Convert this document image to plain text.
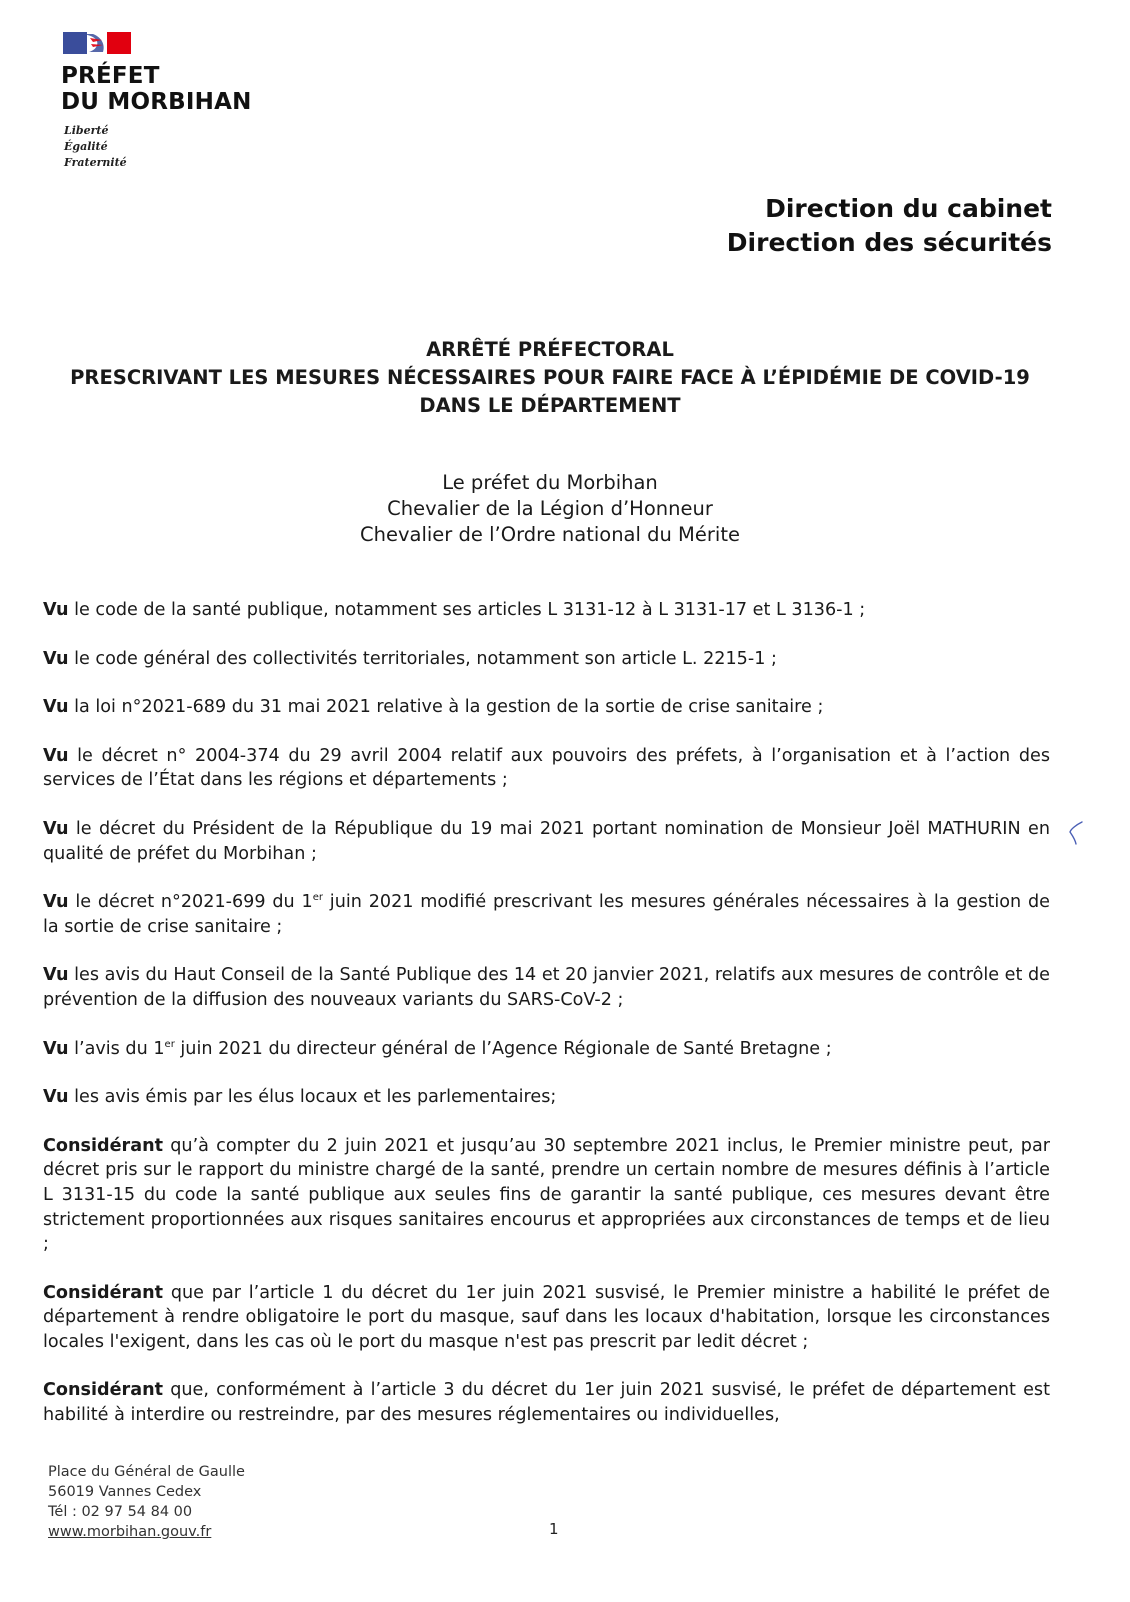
PRÉFET
DU MORBIHAN
Liberté
Égalité
Fraternité
Direction du cabinet
Direction des sécurités
ARRÊTÉ PRÉFECTORAL
PRESCRIVANT LES MESURES NÉCESSAIRES POUR FAIRE FACE À L’ÉPIDÉMIE DE COVID-19
DANS LE DÉPARTEMENT
Le préfet du Morbihan
Chevalier de la Légion d’Honneur
Chevalier de l’Ordre national du Mérite

Vu le code de la santé publique, notamment ses articles L 3131-12 à L 3131-17 et L 3136-1 ;

Vu le code général des collectivités territoriales, notamment son article L. 2215-1 ;

Vu la loi n°2021-689 du 31 mai 2021 relative à la gestion de la sortie de crise sanitaire ;

Vu le décret n° 2004-374 du 29 avril 2004 relatif aux pouvoirs des préfets, à l’organisation et à l’action des services de l’État dans les régions et départements ;

Vu le décret du Président de la République du 19 mai 2021 portant nomination de Monsieur Joël MATHURIN en qualité de préfet du Morbihan ;

Vu le décret n°2021-699 du 1er juin 2021 modifié prescrivant les mesures générales nécessaires à la gestion de la sortie de crise sanitaire ;

Vu les avis du Haut Conseil de la Santé Publique des 14 et 20 janvier 2021, relatifs aux mesures de contrôle et de prévention de la diffusion des nouveaux variants du SARS-CoV-2 ;

Vu l’avis du 1er juin 2021 du directeur général de l’Agence Régionale de Santé Bretagne ;

Vu les avis émis par les élus locaux et les parlementaires;

Considérant qu’à compter du 2 juin 2021 et jusqu’au 30 septembre 2021 inclus, le Premier ministre peut, par décret pris sur le rapport du ministre chargé de la santé, prendre un certain nombre de mesures définis à l’article L 3131-15 du code la santé publique aux seules fins de garantir la santé publique, ces mesures devant être strictement proportionnées aux risques sanitaires encourus et appropriées aux circonstances de temps et de lieu ;

Considérant que par l’article 1 du décret du 1er juin 2021 susvisé, le Premier ministre a habilité le préfet de département à rendre obligatoire le port du masque, sauf dans les locaux d'habitation, lorsque les circonstances locales l'exigent, dans les cas où le port du masque n'est pas prescrit par ledit décret ;

Considérant que, conformément à l’article 3 du décret du 1er juin 2021 susvisé, le préfet de département est habilité à interdire ou restreindre, par des mesures réglementaires ou individuelles,

Place du Général de Gaulle
56019 Vannes Cedex
Tél : 02 97 54 84 00
www.morbihan.gouv.fr	1
